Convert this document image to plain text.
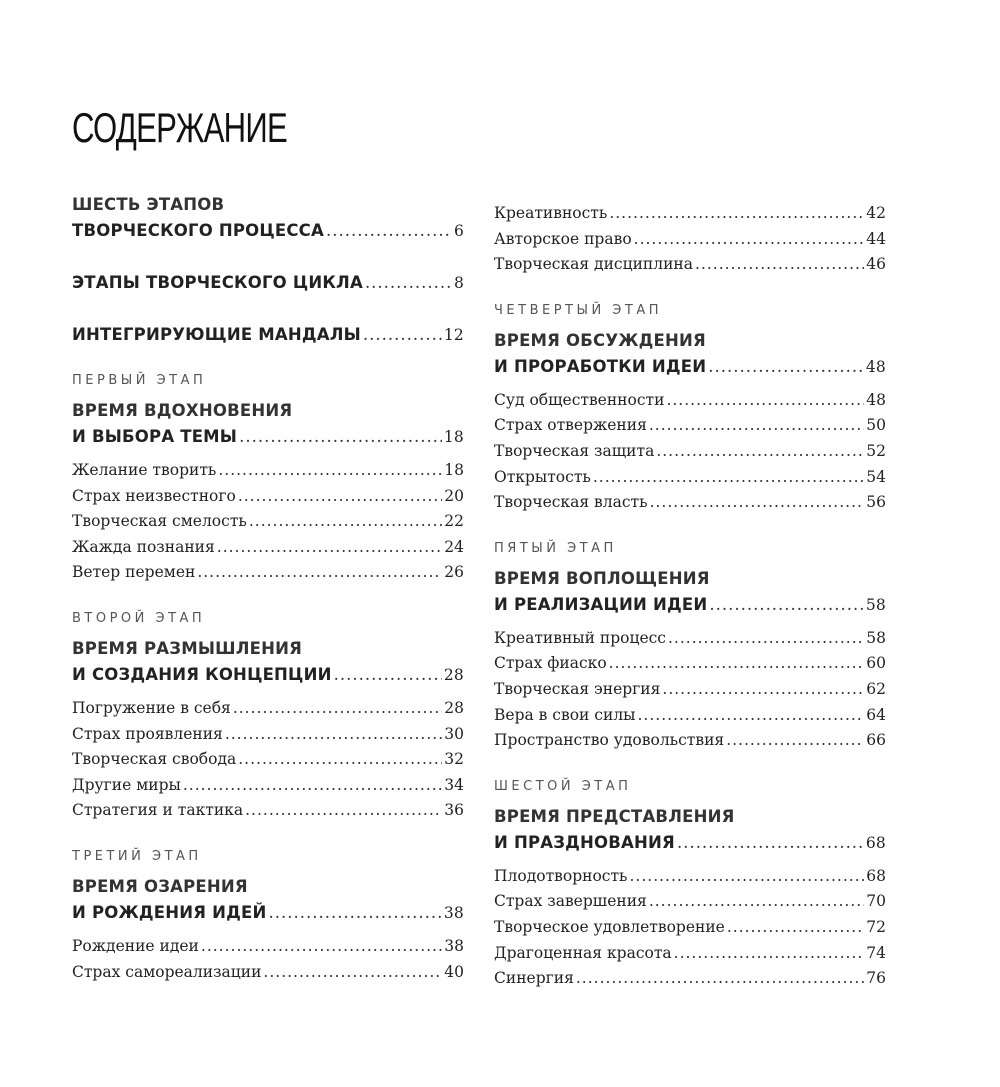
СОДЕРЖАНИЕ
ШЕСТЬ ЭТАПОВ
ТВОРЧЕСКОГО ПРОЦЕССА .....	6
ЭТАПЫ ТВОРЧЕСКОГО ЦИКЛА .....	8
ИНТЕГРИРУЮЩИЕ МАНДАЛЫ .....	12
ПЕРВЫЙ ЭТАП
ВРЕМЯ ВДОХНОВЕНИЯ
И ВЫБОРА ТЕМЫ .....	18
Желание творить .....	18
Страх неизвестного .....	20
Творческая смелость .....	22
Жажда познания .....	24
Ветер перемен .....	26
ВТОРОЙ ЭТАП
ВРЕМЯ РАЗМЫШЛЕНИЯ
И СОЗДАНИЯ КОНЦЕПЦИИ .....	28
Погружение в себя .....	28
Страх проявления .....	30
Творческая свобода .....	32
Другие миры .....	34
Стратегия и тактика .....	36
ТРЕТИЙ ЭТАП
ВРЕМЯ ОЗАРЕНИЯ
И РОЖДЕНИЯ ИДЕЙ .....	38
Рождение идеи .....	38
Страх самореализации .....	40
Креативность .....	42
Авторское право .....	44
Творческая дисциплина .....	46
ЧЕТВЕРТЫЙ ЭТАП
ВРЕМЯ ОБСУЖДЕНИЯ
И ПРОРАБОТКИ ИДЕИ .....	48
Суд общественности .....	48
Страх отвержения .....	50
Творческая защита .....	52
Открытость .....	54
Творческая власть .....	56
ПЯТЫЙ ЭТАП
ВРЕМЯ ВОПЛОЩЕНИЯ
И РЕАЛИЗАЦИИ ИДЕИ .....	58
Креативный процесс .....	58
Страх фиаско .....	60
Творческая энергия .....	62
Вера в свои силы .....	64
Пространство удовольствия .....	66
ШЕСТОЙ ЭТАП
ВРЕМЯ ПРЕДСТАВЛЕНИЯ
И ПРАЗДНОВАНИЯ .....	68
Плодотворность .....	68
Страх завершения .....	70
Творческое удовлетворение .....	72
Драгоценная красота .....	74
Синергия .....	76
